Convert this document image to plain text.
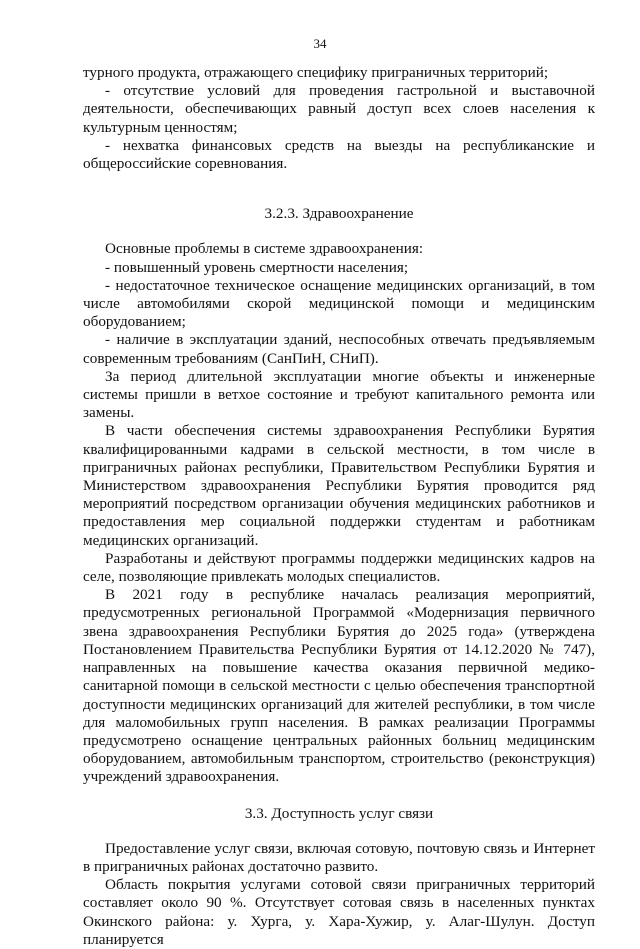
34

турного продукта, отражающего специфику приграничных территорий;

- отсутствие условий для проведения гастрольной и выставочной деятельности, обеспечивающих равный доступ всех слоев населения к культурным ценностям;

- нехватка финансовых средств на выезды на республиканские и общероссийские соревнования.

3.2.3. Здравоохранение

Основные проблемы в системе здравоохранения:

- повышенный уровень смертности населения;

- недостаточное техническое оснащение медицинских организаций, в том числе автомобилями скорой медицинской помощи и медицинским оборудованием;

- наличие в эксплуатации зданий, неспособных отвечать предъявляемым современным требованиям (СанПиН, СНиП).

За период длительной эксплуатации многие объекты и инженерные системы пришли в ветхое состояние и требуют капитального ремонта или замены.

В части обеспечения системы здравоохранения Республики Бурятия квалифицированными кадрами в сельской местности, в том числе в приграничных районах республики, Правительством Республики Бурятия и Министерством здравоохранения Республики Бурятия проводится ряд мероприятий посредством организации обучения медицинских работников и предоставления мер социальной поддержки студентам и работникам медицинских организаций.

Разработаны и действуют программы поддержки медицинских кадров на селе, позволяющие привлекать молодых специалистов.

В 2021 году в республике началась реализация мероприятий, предусмотренных региональной Программой «Модернизация первичного звена здравоохранения Республики Бурятия до 2025 года» (утверждена Постановлением Правительства Республики Бурятия от 14.12.2020 № 747), направленных на повышение качества оказания первичной медико-санитарной помощи в сельской местности с целью обеспечения транспортной доступности медицинских организаций для жителей республики, в том числе для маломобильных групп населения. В рамках реализации Программы предусмотрено оснащение центральных районных больниц медицинским оборудованием, автомобильным транспортом, строительство (реконструкция) учреждений здравоохранения.

3.3. Доступность услуг связи

Предоставление услуг связи, включая сотовую, почтовую связь и Интернет в приграничных районах достаточно развито.

Область покрытия услугами сотовой связи приграничных территорий составляет около 90 %. Отсутствует сотовая связь в населенных пунктах Окинского района: у. Хурга, у. Хара-Хужир, у. Алаг-Шулун. Доступ планируется
